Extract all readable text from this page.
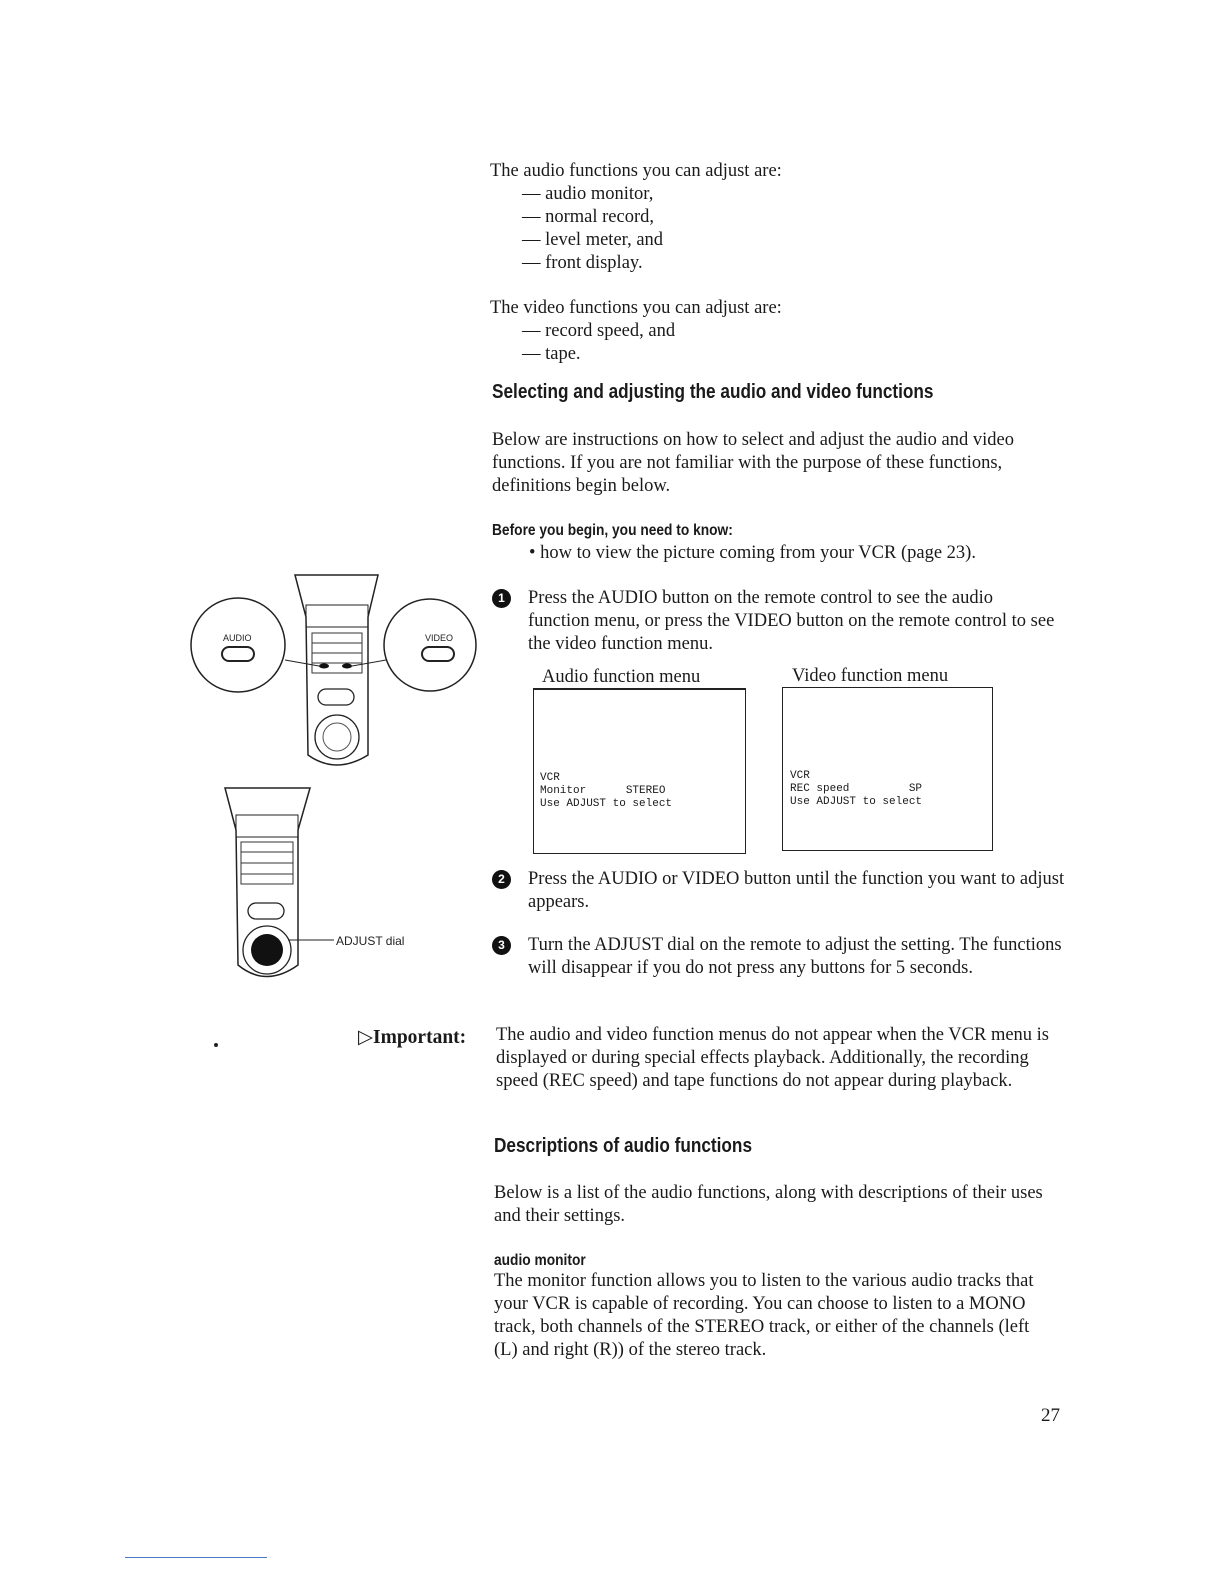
The audio functions you can adjust are:
— audio monitor,
— normal record,
— level meter, and
— front display.
The video functions you can adjust are:
— record speed, and
— tape.
Selecting and adjusting the audio and video functions
Below are instructions on how to select and adjust the audio and video functions. If you are not familiar with the purpose of these functions, definitions begin below.
Before you begin, you need to know:
• how to view the picture coming from your VCR (page 23).
1	Press the AUDIO button on the remote control to see the audio function menu, or press the VIDEO button on the remote control to see the video function menu.
Audio function menu
VCR
Monitor      STEREO
Use ADJUST to select
Video function menu
VCR
REC speed         SP
Use ADJUST to select
2	Press the AUDIO or VIDEO button until the function you want to adjust appears.
3	Turn the ADJUST dial on the remote to adjust the setting. The functions will disappear if you do not press any buttons for 5 seconds.
▷Important: The audio and video function menus do not appear when the VCR menu is displayed or during special effects playback. Additionally, the recording speed (REC speed) and tape functions do not appear during playback.
Descriptions of audio functions
Below is a list of the audio functions, along with descriptions of their uses and their settings.
audio monitor
The monitor function allows you to listen to the various audio tracks that your VCR is capable of recording. You can choose to listen to a MONO track, both channels of the STEREO track, or either of the channels (left (L) and right (R)) of the stereo track.
27
AUDIO	VIDEO
ADJUST dial
